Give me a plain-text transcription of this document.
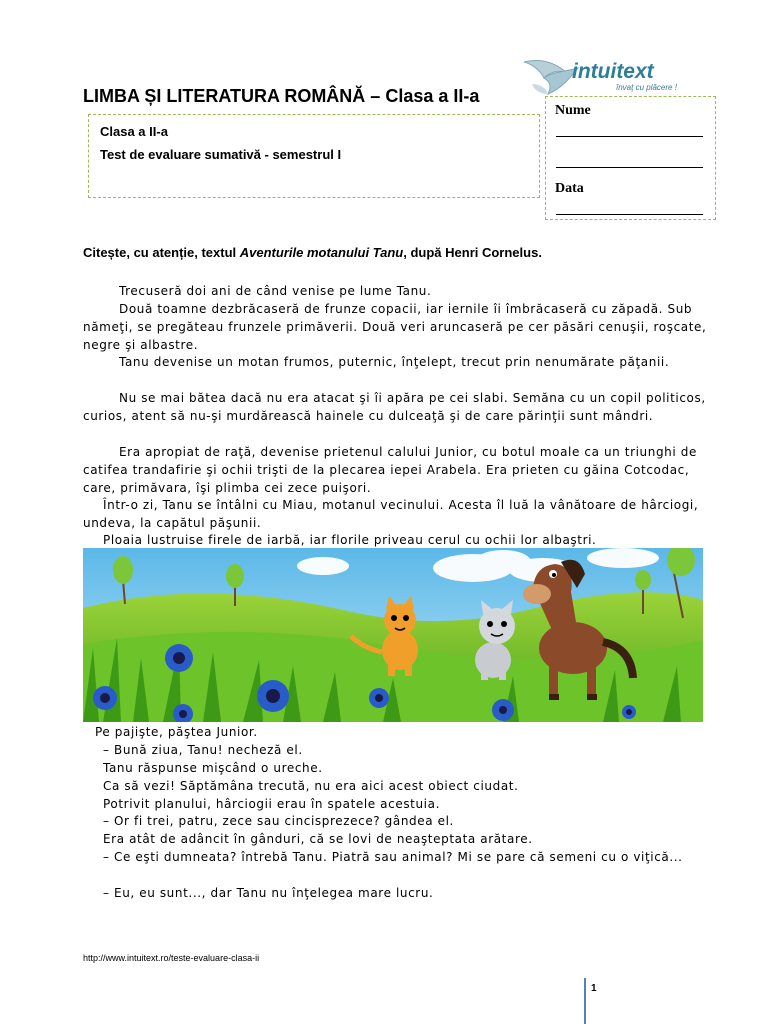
intuitext
învaţ cu plăcere !
LIMBA ȘI LITERATURA ROMÂNĂ – Clasa a II-a
Clasa a II-a
Test de evaluare sumativă - semestrul I
Nume
Data
Citește, cu atenție, textul Aventurile motanului Tanu, după Henri Cornelus.

Trecuseră doi ani de când venise pe lume Tanu.

Două toamne dezbrăcaseră de frunze copacii, iar iernile îi îmbrăcaseră cu zăpadă. Sub nămeţi, se pregăteau frunzele primăverii. Două veri aruncaseră pe cer păsări cenuşii, roşcate, negre şi albastre.

Tanu devenise un motan frumos, puternic, înţelept, trecut prin nenumărate păţanii.

Nu se mai bătea dacă nu era atacat şi îi apăra pe cei slabi. Semăna cu un copil politicos, curios, atent să nu-şi murdărească hainele cu dulceaţă şi de care părinţii sunt mândri.

Era apropiat de raţă, devenise prietenul calului Junior, cu botul moale ca un triunghi de catifea trandafirie şi ochii trişti de la plecarea iepei Arabela. Era prieten cu găina Cotcodac, care, primăvara, îşi plimba cei zece puişori.

Într-o zi, Tanu se întâlni cu Miau, motanul vecinului. Acesta îl luă la vânătoare de hârciogi, undeva, la capătul păşunii.

Ploaia lustruise firele de iarbă, iar florile priveau cerul cu ochii lor albaştri.

Pe pajişte, păştea Junior.

– Bună ziua, Tanu! necheză el.

Tanu răspunse mişcând o ureche.

Ca să vezi! Săptămâna trecută, nu era aici acest obiect ciudat.

Potrivit planului, hârciogii erau în spatele acestuia.

– Or fi trei, patru, zece sau cincisprezece? gândea el.

Era atât de adâncit în gânduri, că se lovi de neaşteptata arătare.

– Ce eşti dumneata? întrebă Tanu. Piatră sau animal? Mi se pare că semeni cu o viţică...

– Eu, eu sunt..., dar Tanu nu înţelegea mare lucru.

http://www.intuitext.ro/teste-evaluare-clasa-ii
1
